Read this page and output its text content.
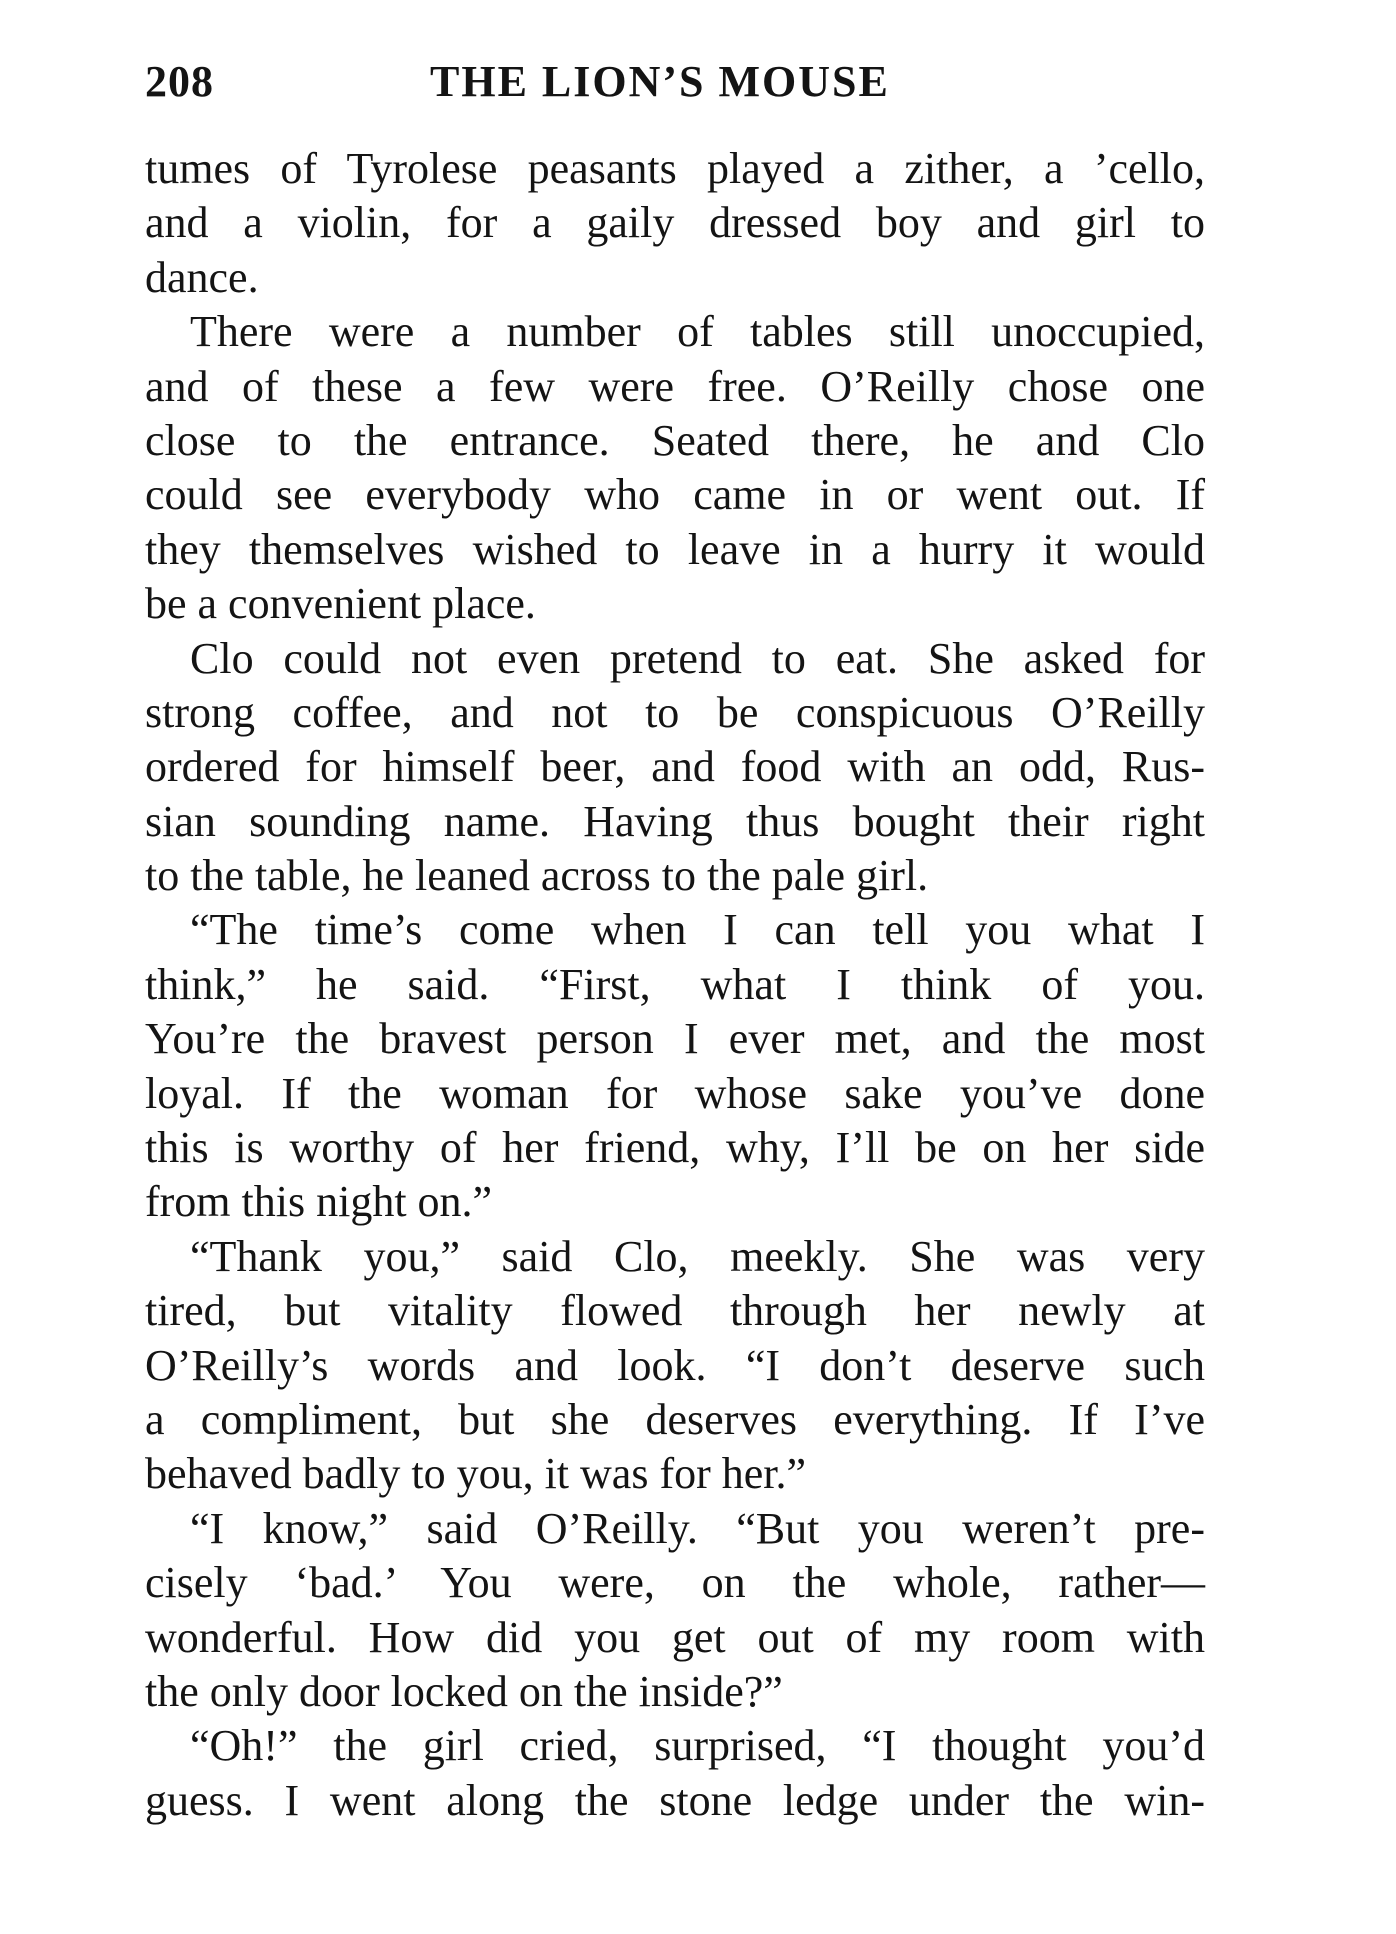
208	THE LION’S MOUSE
tumes of Tyrolese peasants played a zither, a ’cello,
and a violin, for a gaily dressed boy and girl to
dance.
There were a number of tables still unoccupied,
and of these a few were free. O’Reilly chose one
close to the entrance. Seated there, he and Clo
could see everybody who came in or went out. If
they themselves wished to leave in a hurry it would
be a convenient place.
Clo could not even pretend to eat. She asked for
strong coffee, and not to be conspicuous O’Reilly
ordered for himself beer, and food with an odd, Rus-
sian sounding name. Having thus bought their right
to the table, he leaned across to the pale girl.
“The time’s come when I can tell you what I
think,” he said. “First, what I think of you.
You’re the bravest person I ever met, and the most
loyal. If the woman for whose sake you’ve done
this is worthy of her friend, why, I’ll be on her side
from this night on.”
“Thank you,” said Clo, meekly. She was very
tired, but vitality flowed through her newly at
O’Reilly’s words and look. “I don’t deserve such
a compliment, but she deserves everything. If I’ve
behaved badly to you, it was for her.”
“I know,” said O’Reilly. “But you weren’t pre-
cisely ‘bad.’ You were, on the whole, rather—
wonderful. How did you get out of my room with
the only door locked on the inside?”
“Oh!” the girl cried, surprised, “I thought you’d
guess. I went along the stone ledge under the win-
